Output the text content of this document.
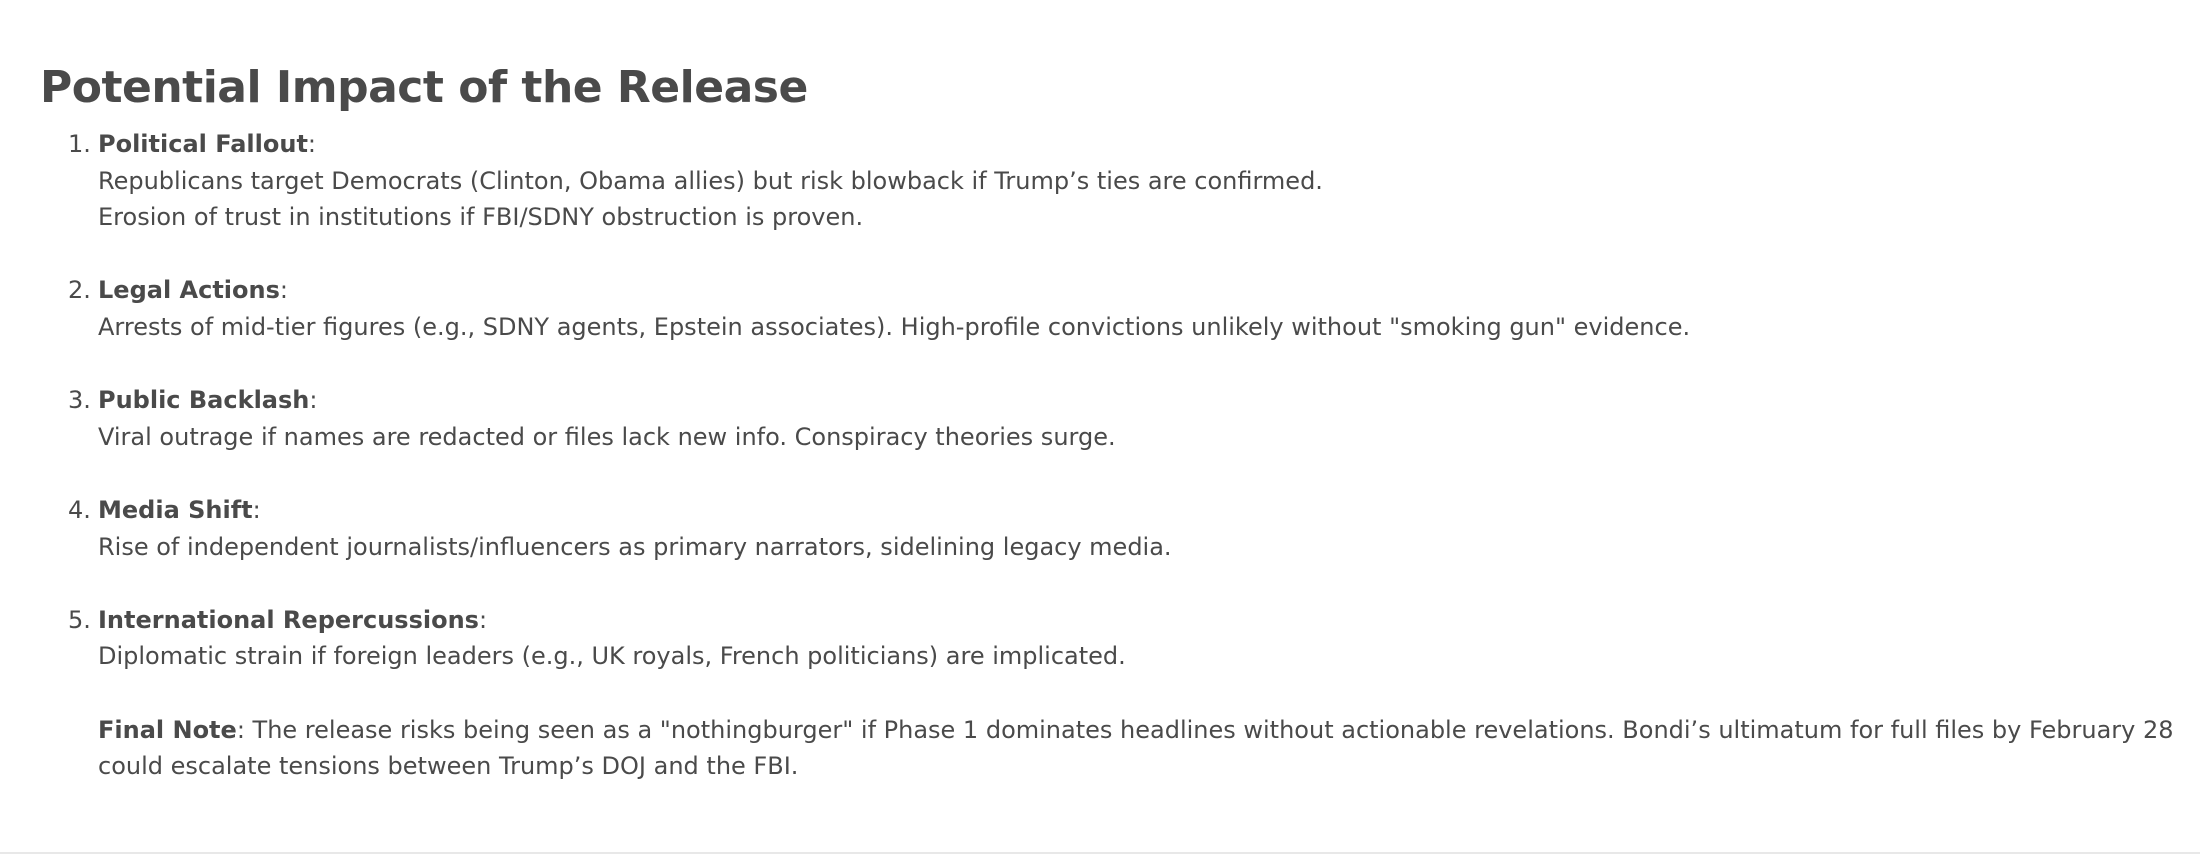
Potential Impact of the Release
Political Fallout:
Republicans target Democrats (Clinton, Obama allies) but risk blowback if Trump’s ties are confirmed.
Erosion of trust in institutions if FBI/SDNY obstruction is proven.
Legal Actions:
Arrests of mid-tier figures (e.g., SDNY agents, Epstein associates). High-profile convictions unlikely without "smoking gun" evidence.
Public Backlash:
Viral outrage if names are redacted or files lack new info. Conspiracy theories surge.
Media Shift:
Rise of independent journalists/influencers as primary narrators, sidelining legacy media.
International Repercussions:
Diplomatic strain if foreign leaders (e.g., UK royals, French politicians) are implicated.

Final Note: The release risks being seen as a "nothingburger" if Phase 1 dominates headlines without actionable revelations. Bondi’s ultimatum for full files by February 28 could escalate tensions between Trump’s DOJ and the FBI.
